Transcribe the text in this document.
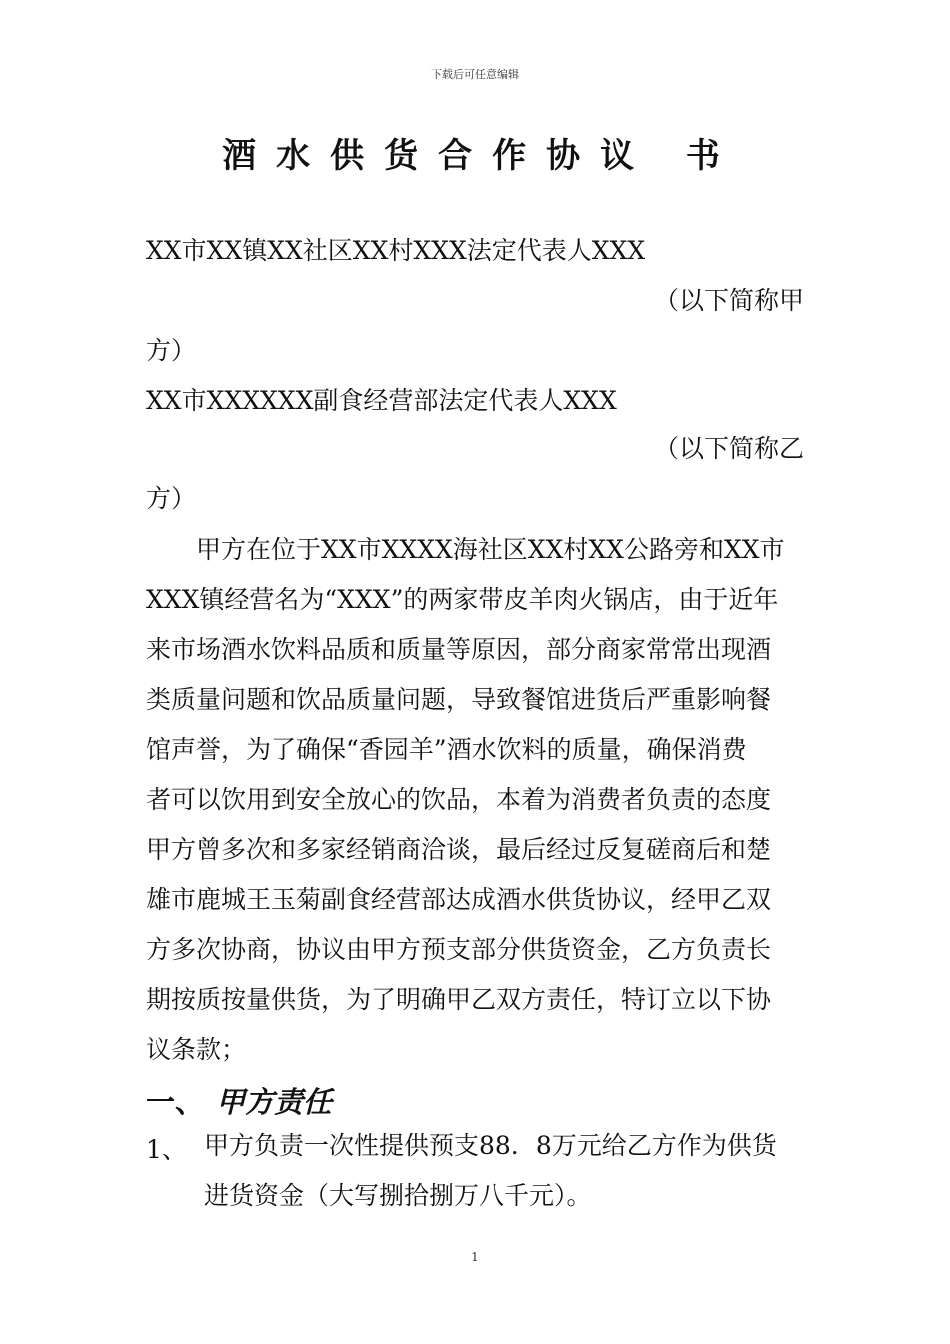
下载后可任意编辑
酒水供货合作协议 书
XX市XX镇XX社区XX村XXX法定代表人XXX
（以下简称甲
方）
XX市XXXXXX副食经营部法定代表人XXX
（以下简称乙
方）
甲方在位于XX市XXXX海社区XX村XX公路旁和XX市
XXX镇经营名为“XXX”的两家带皮羊肉火锅店，由于近年
来市场酒水饮料品质和质量等原因，部分商家常常出现酒
类质量问题和饮品质量问题，导致餐馆进货后严重影响餐
馆声誉，为了确保“香园羊”酒水饮料的质量，确保消费
者可以饮用到安全放心的饮品，本着为消费者负责的态度
甲方曾多次和多家经销商洽谈，最后经过反复磋商后和楚
雄市鹿城王玉菊副食经营部达成酒水供货协议，经甲乙双
方多次协商，协议由甲方预支部分供货资金，乙方负责长
期按质按量供货，为了明确甲乙双方责任，特订立以下协
议条款；
一、 甲方责任
1、 甲方负责一次性提供预支88．8万元给乙方作为供货
进货资金（大写捌拾捌万八千元）。
1
